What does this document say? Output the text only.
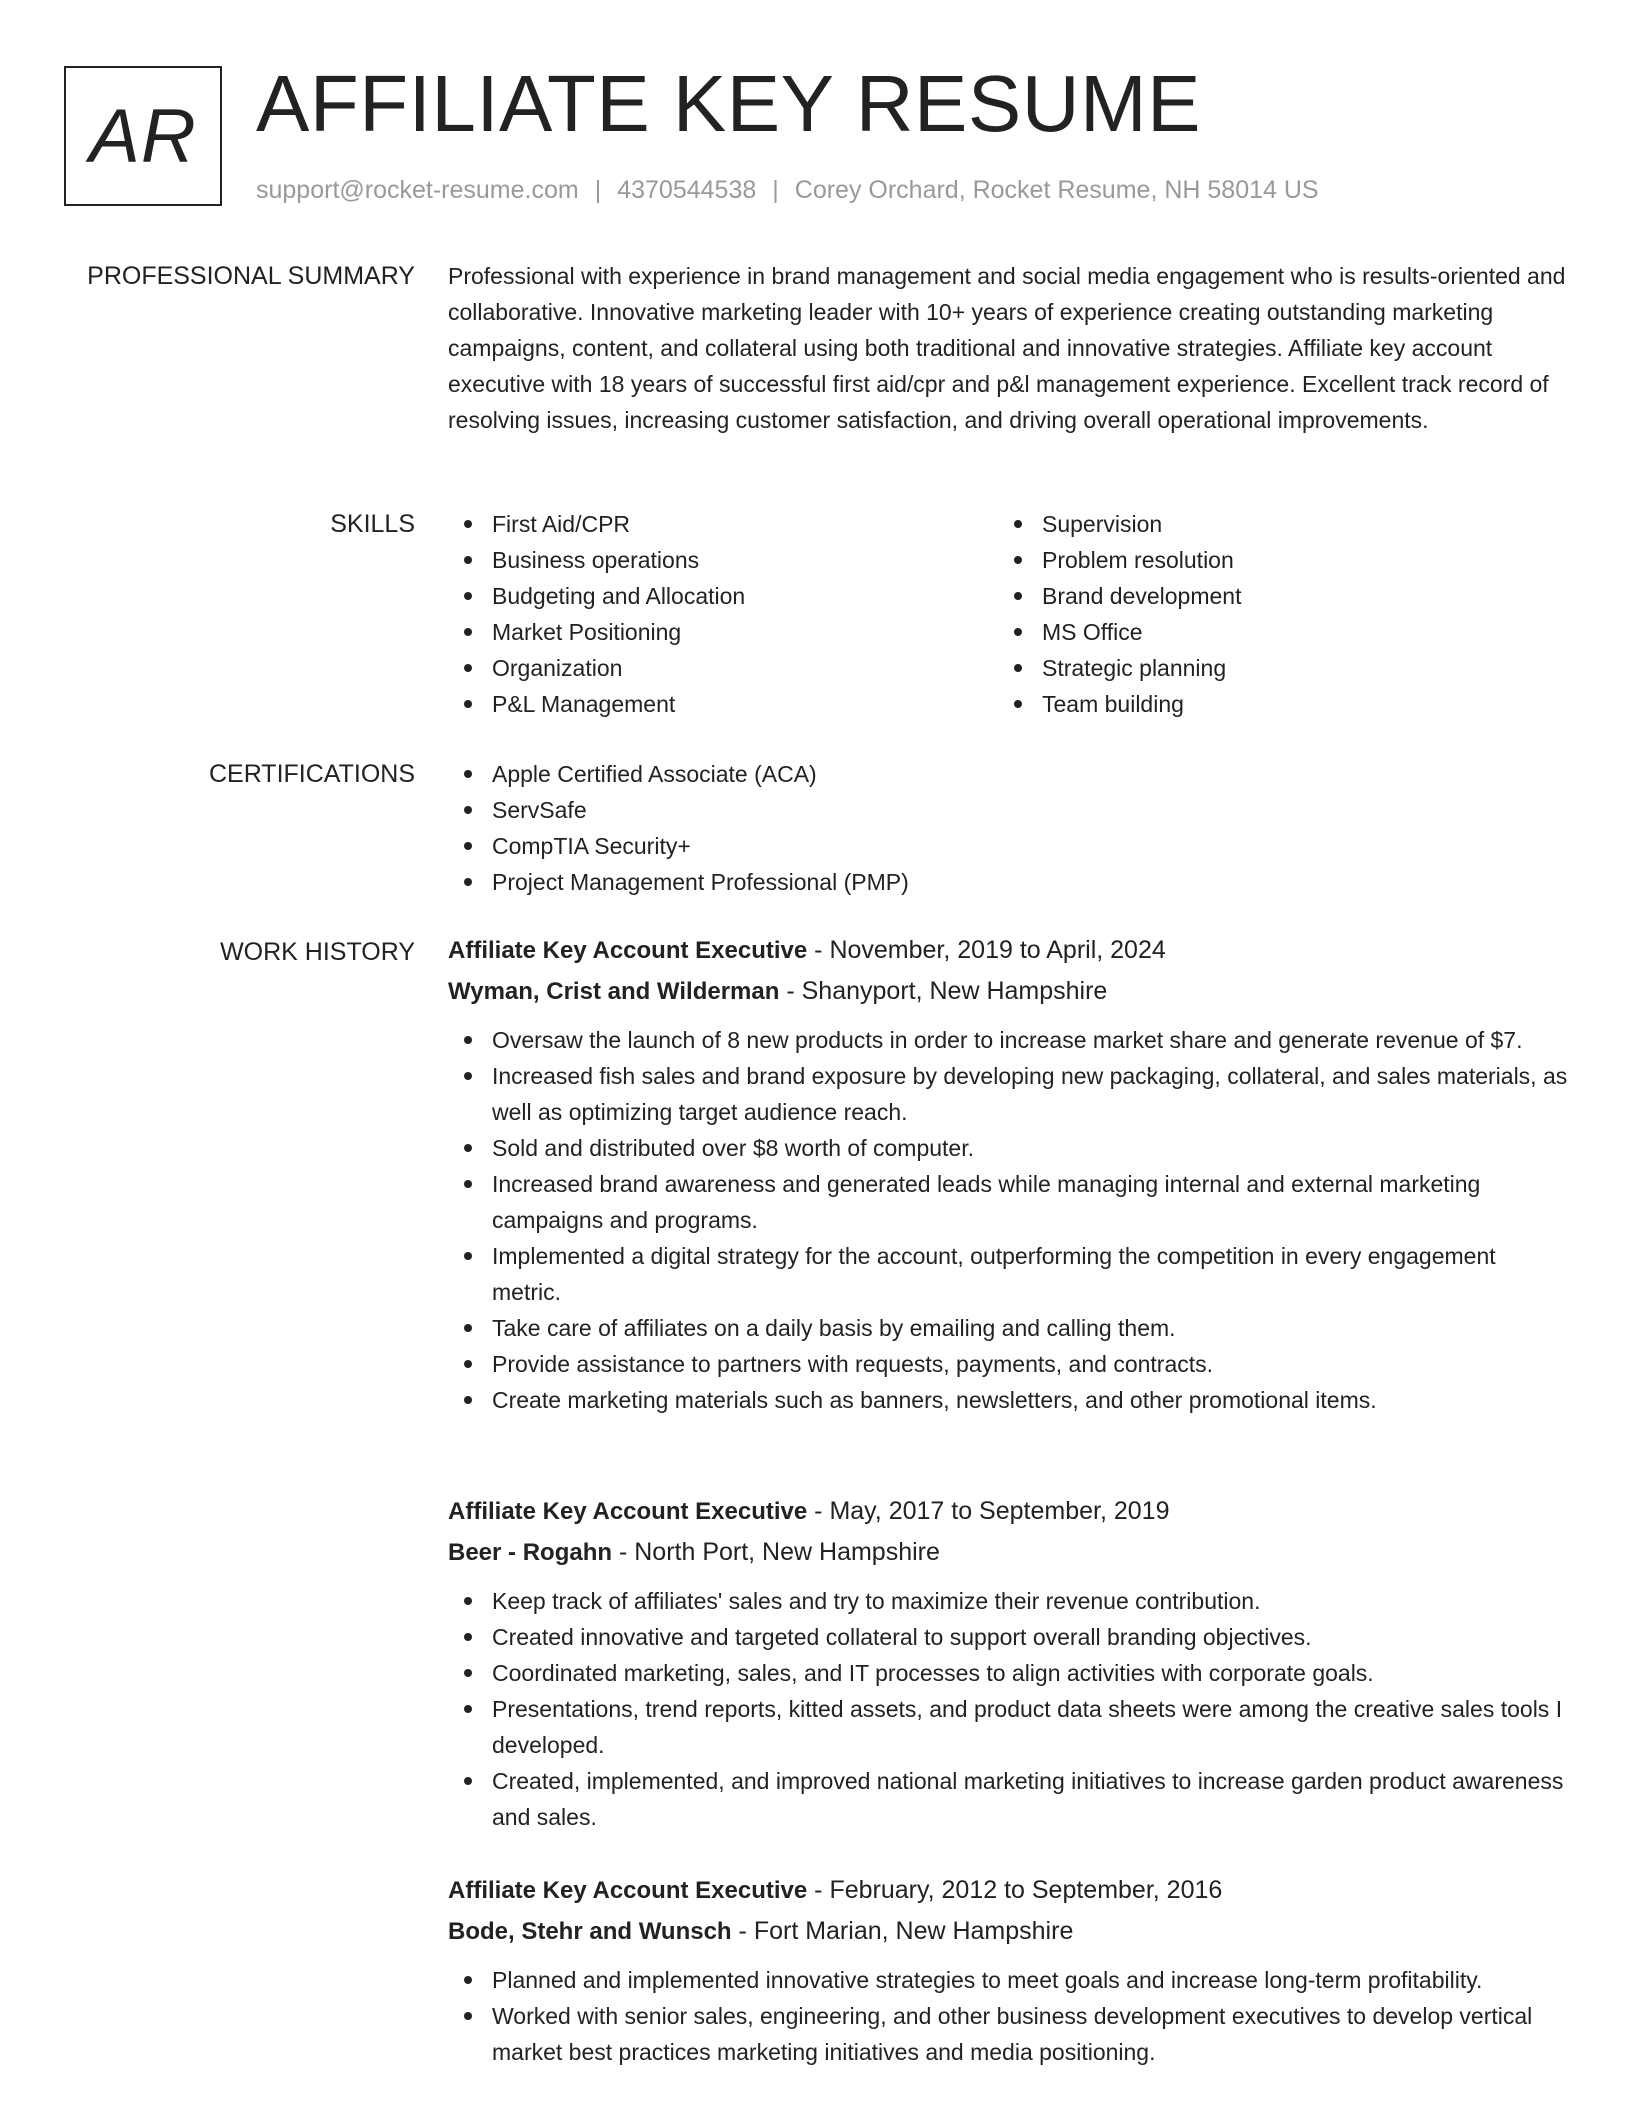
AR AFFILIATE KEY RESUME
support@rocket-resume.com | 4370544538 | Corey Orchard, Rocket Resume, NH 58014 US
PROFESSIONAL SUMMARY Professional with experience in brand management and social media engagement who is results-oriented and collaborative. Innovative marketing leader with 10+ years of experience creating outstanding marketing campaigns, content, and collateral using both traditional and innovative strategies. Affiliate key account executive with 18 years of successful first aid/cpr and p&l management experience. Excellent track record of resolving issues, increasing customer satisfaction, and driving overall operational improvements.

SKILLS	First Aid/CPR
Business operations
Budgeting and Allocation
Market Positioning
Organization
P&L Management
Supervision
Problem resolution
Brand development
MS Office
Strategic planning
Team building
CERTIFICATIONS	Apple Certified Associate (ACA)
ServSafe
CompTIA Security+
Project Management Professional (PMP)
WORK HISTORY Affiliate Key Account Executive - November, 2019 to April, 2024
Wyman, Crist and Wilderman - Shanyport, New Hampshire
Oversaw the launch of 8 new products in order to increase market share and generate revenue of $7.
Increased fish sales and brand exposure by developing new packaging, collateral, and sales materials, as well as optimizing target audience reach.
Sold and distributed over $8 worth of computer.
Increased brand awareness and generated leads while managing internal and external marketing campaigns and programs.
Implemented a digital strategy for the account, outperforming the competition in every engagement metric.
Take care of affiliates on a daily basis by emailing and calling them.
Provide assistance to partners with requests, payments, and contracts.
Create marketing materials such as banners, newsletters, and other promotional items.
Affiliate Key Account Executive - May, 2017 to September, 2019
Beer - Rogahn - North Port, New Hampshire
Keep track of affiliates' sales and try to maximize their revenue contribution.
Created innovative and targeted collateral to support overall branding objectives.
Coordinated marketing, sales, and IT processes to align activities with corporate goals.
Presentations, trend reports, kitted assets, and product data sheets were among the creative sales tools I developed.
Created, implemented, and improved national marketing initiatives to increase garden product awareness and sales.
Affiliate Key Account Executive - February, 2012 to September, 2016
Bode, Stehr and Wunsch - Fort Marian, New Hampshire
Planned and implemented innovative strategies to meet goals and increase long-term profitability.
Worked with senior sales, engineering, and other business development executives to develop vertical market best practices marketing initiatives and media positioning.
